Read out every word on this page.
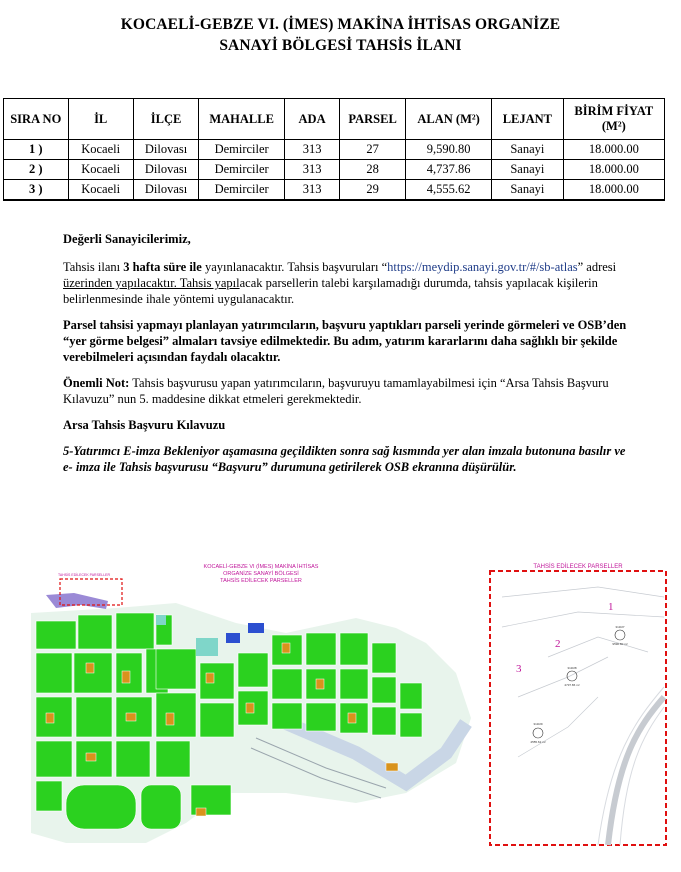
KOCAELİ-GEBZE VI. (İMES) MAKİNA İHTİSAS ORGANİZE
SANAYİ BÖLGESİ TAHSİS İLANI
SIRA NO	İL	İLÇE	MAHALLE	ADA	PARSEL	ALAN (M²)	LEJANT	BİRİM FİYAT (M²)
1 )	Kocaeli	Dilovası	Demirciler	313	27	9,590.80	Sanayi	18.000.00
2 )	Kocaeli	Dilovası	Demirciler	313	28	4,737.86	Sanayi	18.000.00
3 )	Kocaeli	Dilovası	Demirciler	313	29	4,555.62	Sanayi	18.000.00

Değerli Sanayicilerimiz,

Tahsis ilanı 3 hafta süre ile yayınlanacaktır. Tahsis başvuruları “https://meydip.sanayi.gov.tr/#/sb-atlas” adresi üzerinden yapılacaktır. Tahsis yapılacak parsellerin talebi karşılamadığı durumda, tahsis yapılacak kişilerin belirlenmesinde ihale yöntemi uygulanacaktır.

Parsel tahsisi yapmayı planlayan yatırımcıların, başvuru yaptıkları parseli yerinde görmeleri ve OSB’den “yer görme belgesi” almaları tavsiye edilmektedir. Bu adım, yatırım kararlarını daha sağlıklı bir şekilde verebilmeleri açısından faydalı olacaktır.

Önemli Not: Tahsis başvurusu yapan yatırımcıların, başvuruyu tamamlayabilmesi için “Arsa Tahsis Başvuru Kılavuzu” nun 5. maddesine dikkat etmeleri gerekmektedir.

Arsa Tahsis Başvuru Kılavuzu

5-Yatırımcı E-imza Bekleniyor aşamasına geçildikten sonra sağ kısmında yer alan imzala butonuna basılır ve e- imza ile Tahsis başvurusu “Başvuru” durumuna getirilerek OSB ekranına düşürülür.

KOCAELİ-GEBZE VI (İMES) MAKİNA İHTİSAS
ORGANİZE SANAYİ BÖLGESİ
TAHSİS EDİLECEK PARSELLER
TAHSİS EDİLECEK PARSELLER
TAHSİS EDİLECEK PARSELLER
1
2
3
313/27
9590.80 m²
313/28
4737.86 m²
313/29
4555.62 m²
